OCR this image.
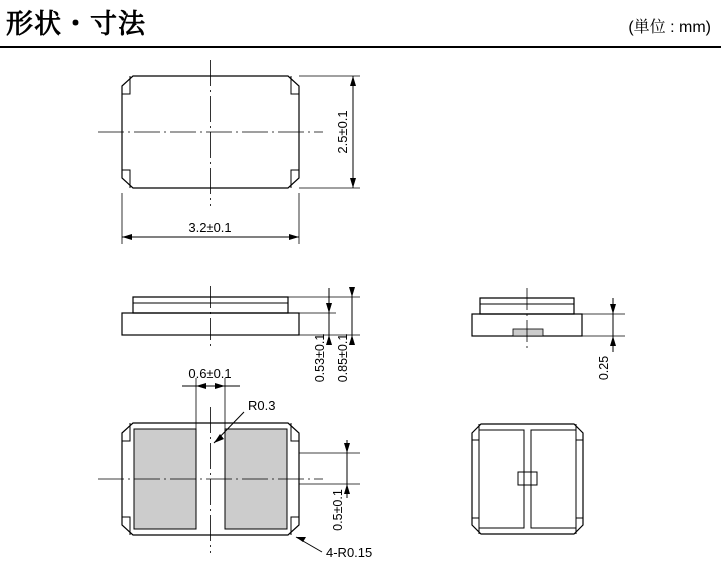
形状・寸法	(単位 : mm)
3.2±0.1
2.5±0.1
0.53±0.1 0.85±0.1	0.25
0.6±0.1
R0.3
0.5±0.1
4-R0.15
